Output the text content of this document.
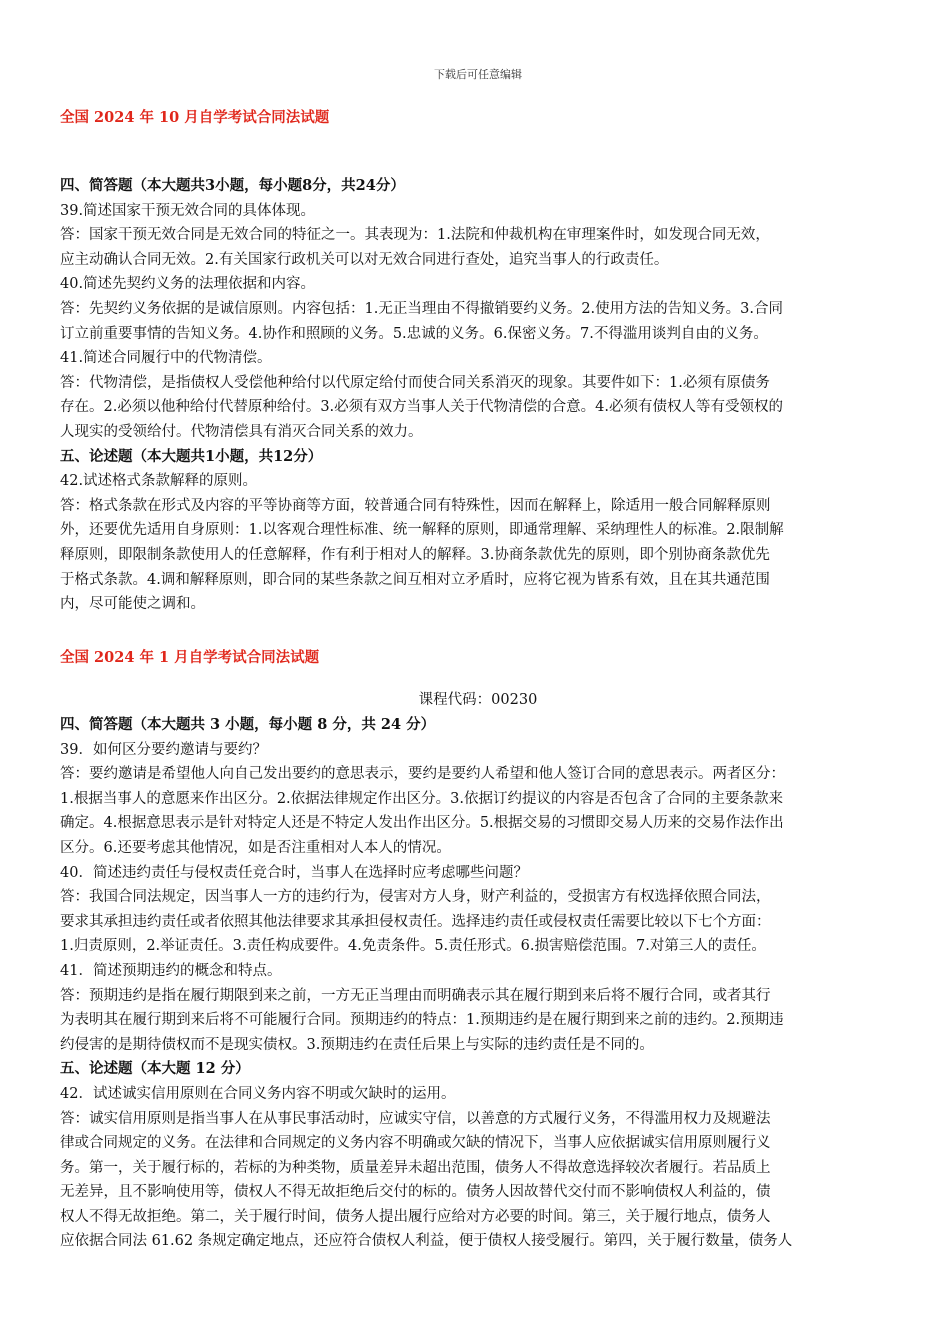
下载后可任意编辑
全国 2024 年 10 月自学考试合同法试题
四、简答题（本大题共3小题，每小题8分，共24分）
39.简述国家干预无效合同的具体体现。
答：国家干预无效合同是无效合同的特征之一。其表现为：1.法院和仲裁机构在审理案件时，如发现合同无效，
应主动确认合同无效。2.有关国家行政机关可以对无效合同进行查处，追究当事人的行政责任。
40.简述先契约义务的法理依据和内容。
答：先契约义务依据的是诚信原则。内容包括：1.无正当理由不得撤销要约义务。2.使用方法的告知义务。3.合同
订立前重要事情的告知义务。4.协作和照顾的义务。5.忠诚的义务。6.保密义务。7.不得滥用谈判自由的义务。
41.简述合同履行中的代物清偿。
答：代物清偿，是指债权人受偿他种给付以代原定给付而使合同关系消灭的现象。其要件如下：1.必须有原债务
存在。2.必须以他种给付代替原种给付。3.必须有双方当事人关于代物清偿的合意。4.必须有债权人等有受领权的
人现实的受领给付。代物清偿具有消灭合同关系的效力。
五、论述题（本大题共1小题，共12分）
42.试述格式条款解释的原则。
答：格式条款在形式及内容的平等协商等方面，较普通合同有特殊性，因而在解释上，除适用一般合同解释原则
外，还要优先适用自身原则：1.以客观合理性标准、统一解释的原则，即通常理解、采纳理性人的标准。2.限制解
释原则，即限制条款使用人的任意解释，作有利于相对人的解释。3.协商条款优先的原则，即个别协商条款优先
于格式条款。4.调和解释原则，即合同的某些条款之间互相对立矛盾时，应将它视为皆系有效，且在其共通范围
内，尽可能使之调和。
全国 2024 年 1 月自学考试合同法试题
课程代码：00230
四、简答题（本大题共 3 小题，每小题 8 分，共 24 分）
39．如何区分要约邀请与要约？
答：要约邀请是希望他人向自己发出要约的意思表示，要约是要约人希望和他人签订合同的意思表示。两者区分：
1.根据当事人的意愿来作出区分。2.依据法律规定作出区分。3.依据订约提议的内容是否包含了合同的主要条款来
确定。4.根据意思表示是针对特定人还是不特定人发出作出区分。5.根据交易的习惯即交易人历来的交易作法作出
区分。6.还要考虑其他情况，如是否注重相对人本人的情况。
40．简述违约责任与侵权责任竞合时，当事人在选择时应考虑哪些问题？
答：我国合同法规定，因当事人一方的违约行为，侵害对方人身，财产利益的，受损害方有权选择依照合同法，
要求其承担违约责任或者依照其他法律要求其承担侵权责任。选择违约责任或侵权责任需要比较以下七个方面：
1.归责原则，2.举证责任。3.责任构成要件。4.免责条件。5.责任形式。6.损害赔偿范围。7.对第三人的责任。
41．简述预期违约的概念和特点。
答：预期违约是指在履行期限到来之前，一方无正当理由而明确表示其在履行期到来后将不履行合同，或者其行
为表明其在履行期到来后将不可能履行合同。预期违约的特点：1.预期违约是在履行期到来之前的违约。2.预期违
约侵害的是期待债权而不是现实债权。3.预期违约在责任后果上与实际的违约责任是不同的。
五、论述题（本大题 12 分）
42．试述诚实信用原则在合同义务内容不明或欠缺时的运用。
答：诚实信用原则是指当事人在从事民事活动时，应诚实守信，以善意的方式履行义务，不得滥用权力及规避法
律或合同规定的义务。在法律和合同规定的义务内容不明确或欠缺的情况下，当事人应依据诚实信用原则履行义
务。第一，关于履行标的，若标的为种类物，质量差异未超出范围，债务人不得故意选择较次者履行。若品质上
无差异，且不影响使用等，债权人不得无故拒绝后交付的标的。债务人因故替代交付而不影响债权人利益的，债
权人不得无故拒绝。第二，关于履行时间，债务人提出履行应给对方必要的时间。第三，关于履行地点，债务人
应依据合同法 61.62 条规定确定地点，还应符合债权人利益，便于债权人接受履行。第四，关于履行数量，债务人
